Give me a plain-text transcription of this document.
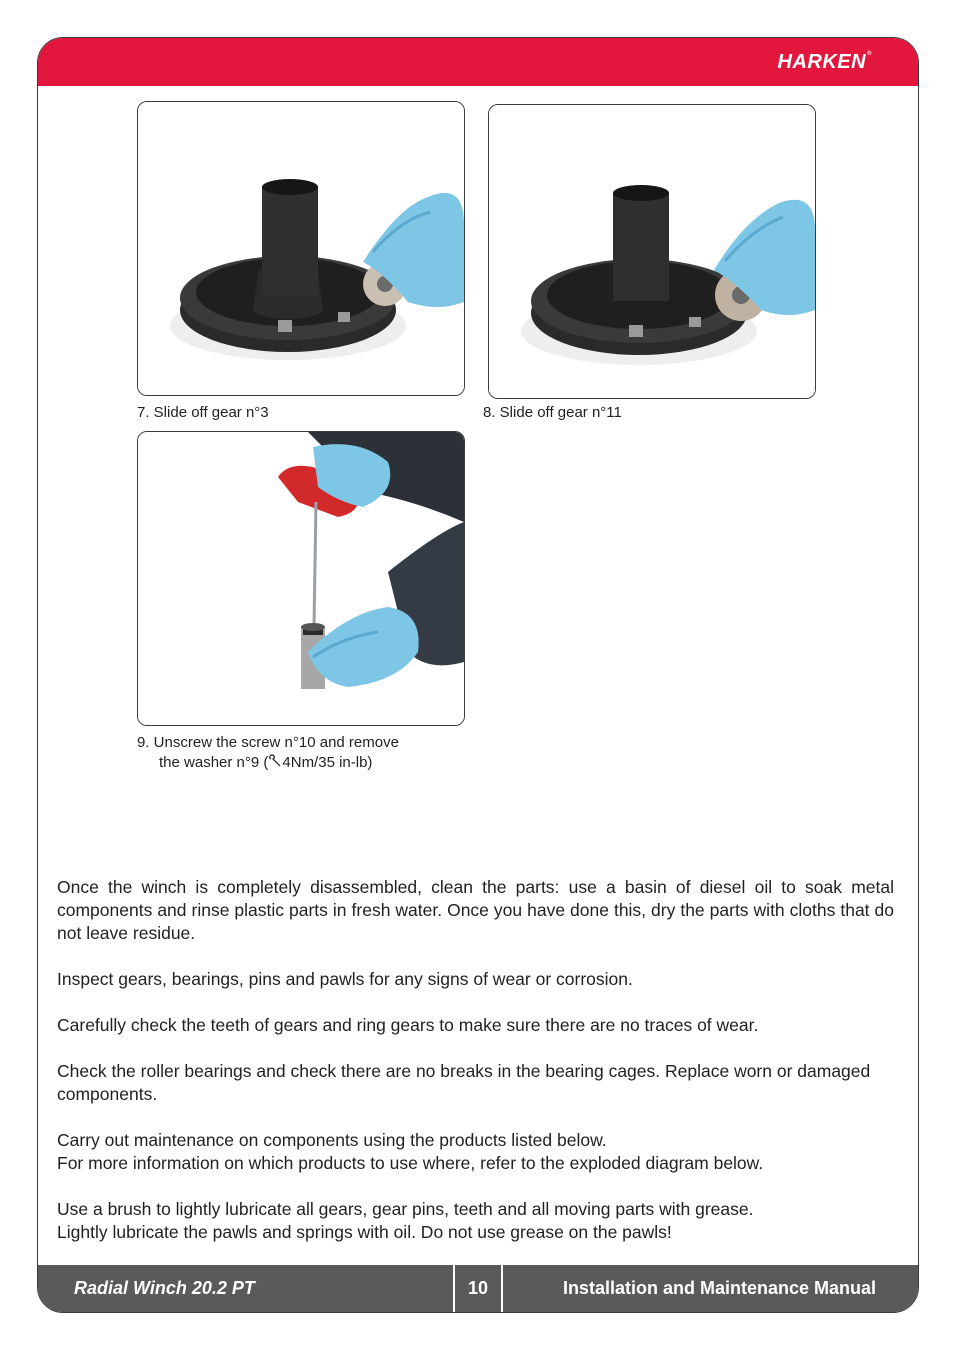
HARKEN®
Radial Winch 20.2 PT	10	Installation and Maintenance Manual
7. Slide off gear n°3	8. Slide off gear n°11
9. Unscrew the screw n°10 and remove
the washer n°9 ( 4Nm/35 in-lb)

Once the winch is completely disassembled, clean the parts: use a basin of diesel oil to soak metal components and rinse plastic parts in fresh water. Once you have done this, dry the parts with cloths that do not leave residue.

Inspect gears, bearings, pins and pawls for any signs of wear or corrosion.

Carefully check the teeth of gears and ring gears to make sure there are no traces of wear.

Check the roller bearings and check there are no breaks in the bearing cages. Replace worn or damaged components.

Carry out maintenance on components using the products listed below.
For more information on which products to use where, refer to the exploded diagram below.

Use a brush to lightly lubricate all gears, gear pins, teeth and all moving parts with grease.
Lightly lubricate the pawls and springs with oil. Do not use grease on the pawls!
